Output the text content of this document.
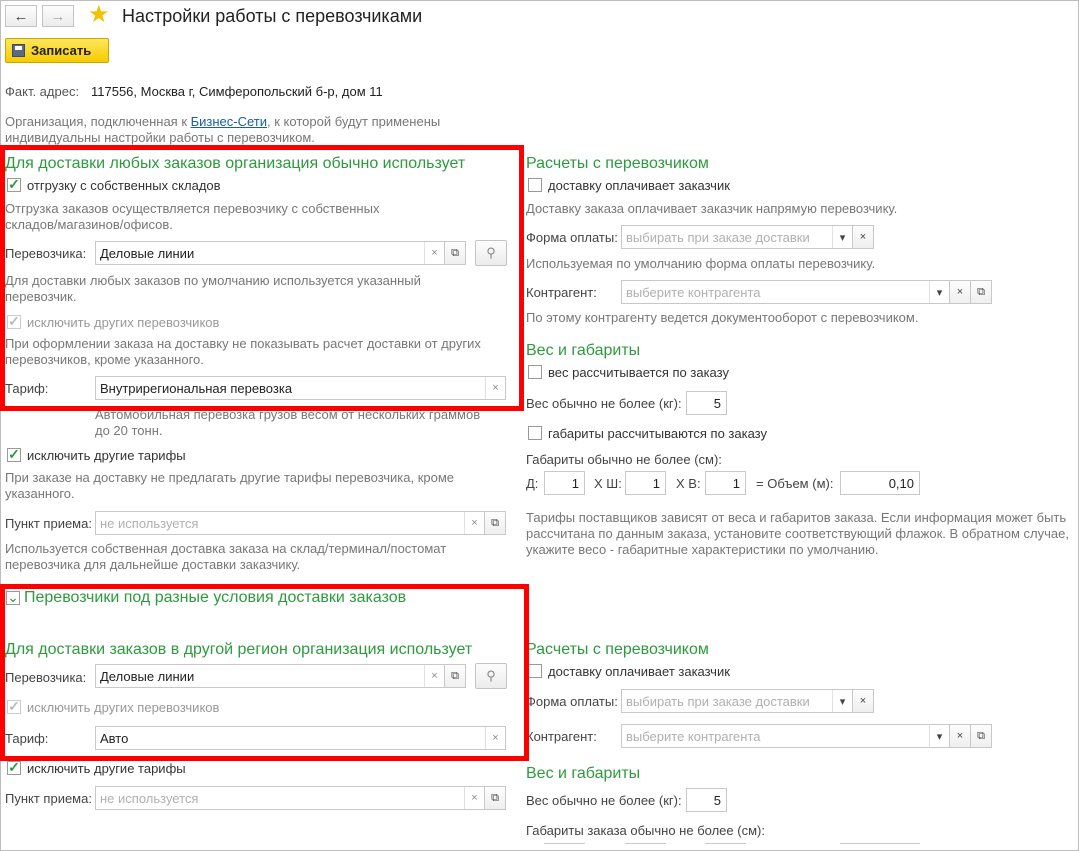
← → ★ Настройки работы с перевозчиками
Записать
Факт. адрес: 117556, Москва г, Симферопольский б-р, дом 11
Организация, подключенная к Бизнес-Сети, к которой будут применены
индивидуальны настройки работы с перевозчиком.
Для доставки любых заказов организация обычно использует
✓ отгрузку с собственных складов
Отгрузка заказов осуществляется перевозчику с собственных складов/магазинов/офисов.
Перевозчика:	Деловые линии	×	⧉	⚲
Для доставки любых заказов по умолчанию используется указанный перевозчик.
✓ исключить других перевозчиков
При оформлении заказа на доставку не показывать расчет доставки от других перевозчиков, кроме указанного.
Тариф:	Внутрирегиональная перевозка	×
Автомобильная перевозка грузов весом от нескольких граммов до 20 тонн.
✓ исключить другие тарифы
При заказе на доставку не предлагать другие тарифы перевозчика, кроме указанного.
Пункт приема: не используется	×	⧉
Используется собственная доставка заказа на склад/терминал/постомат перевозчика для дальнейше доставки заказчику.
Расчеты с перевозчиком
доставку оплачивает заказчик
Доставку заказа оплачивает заказчик напрямую перевозчику.
Форма оплаты: выбирать при заказе доставки	▾	×
Используемая по умолчанию форма оплаты перевозчику.
Контрагент:	выберите контрагента	▾	×	⧉
По этому контрагенту ведется документооборот с перевозчиком.
Вес и габариты
вес рассчитывается по заказу
Вес обычно не более (кг):	5
габариты рассчитываются по заказу
Габариты обычно не более (см):
Д:	1	Х Ш:	1	Х В:	1	= Объем (м):	0,10
Тарифы поставщиков зависят от веса и габаритов заказа. Если информация может быть рассчитана по данным заказа, установите соответствующий флажок. В обратном случае, укажите весо - габаритные характеристики по умолчанию.
⌄ Перевозчики под разные условия доставки заказов
Для доставки заказов в другой регион организация использует
Перевозчика:	Деловые линии	×	⧉	⚲
✓ исключить других перевозчиков
Тариф:	Авто	×
✓ исключить другие тарифы
Пункт приема: не используется	×	⧉
Расчеты с перевозчиком
доставку оплачивает заказчик
Форма оплаты: выбирать при заказе доставки	▾	×
Контрагент:	выберите контрагента	▾	×	⧉
Вес и габариты
Вес обычно не более (кг):	5
Габариты заказа обычно не более (см):
